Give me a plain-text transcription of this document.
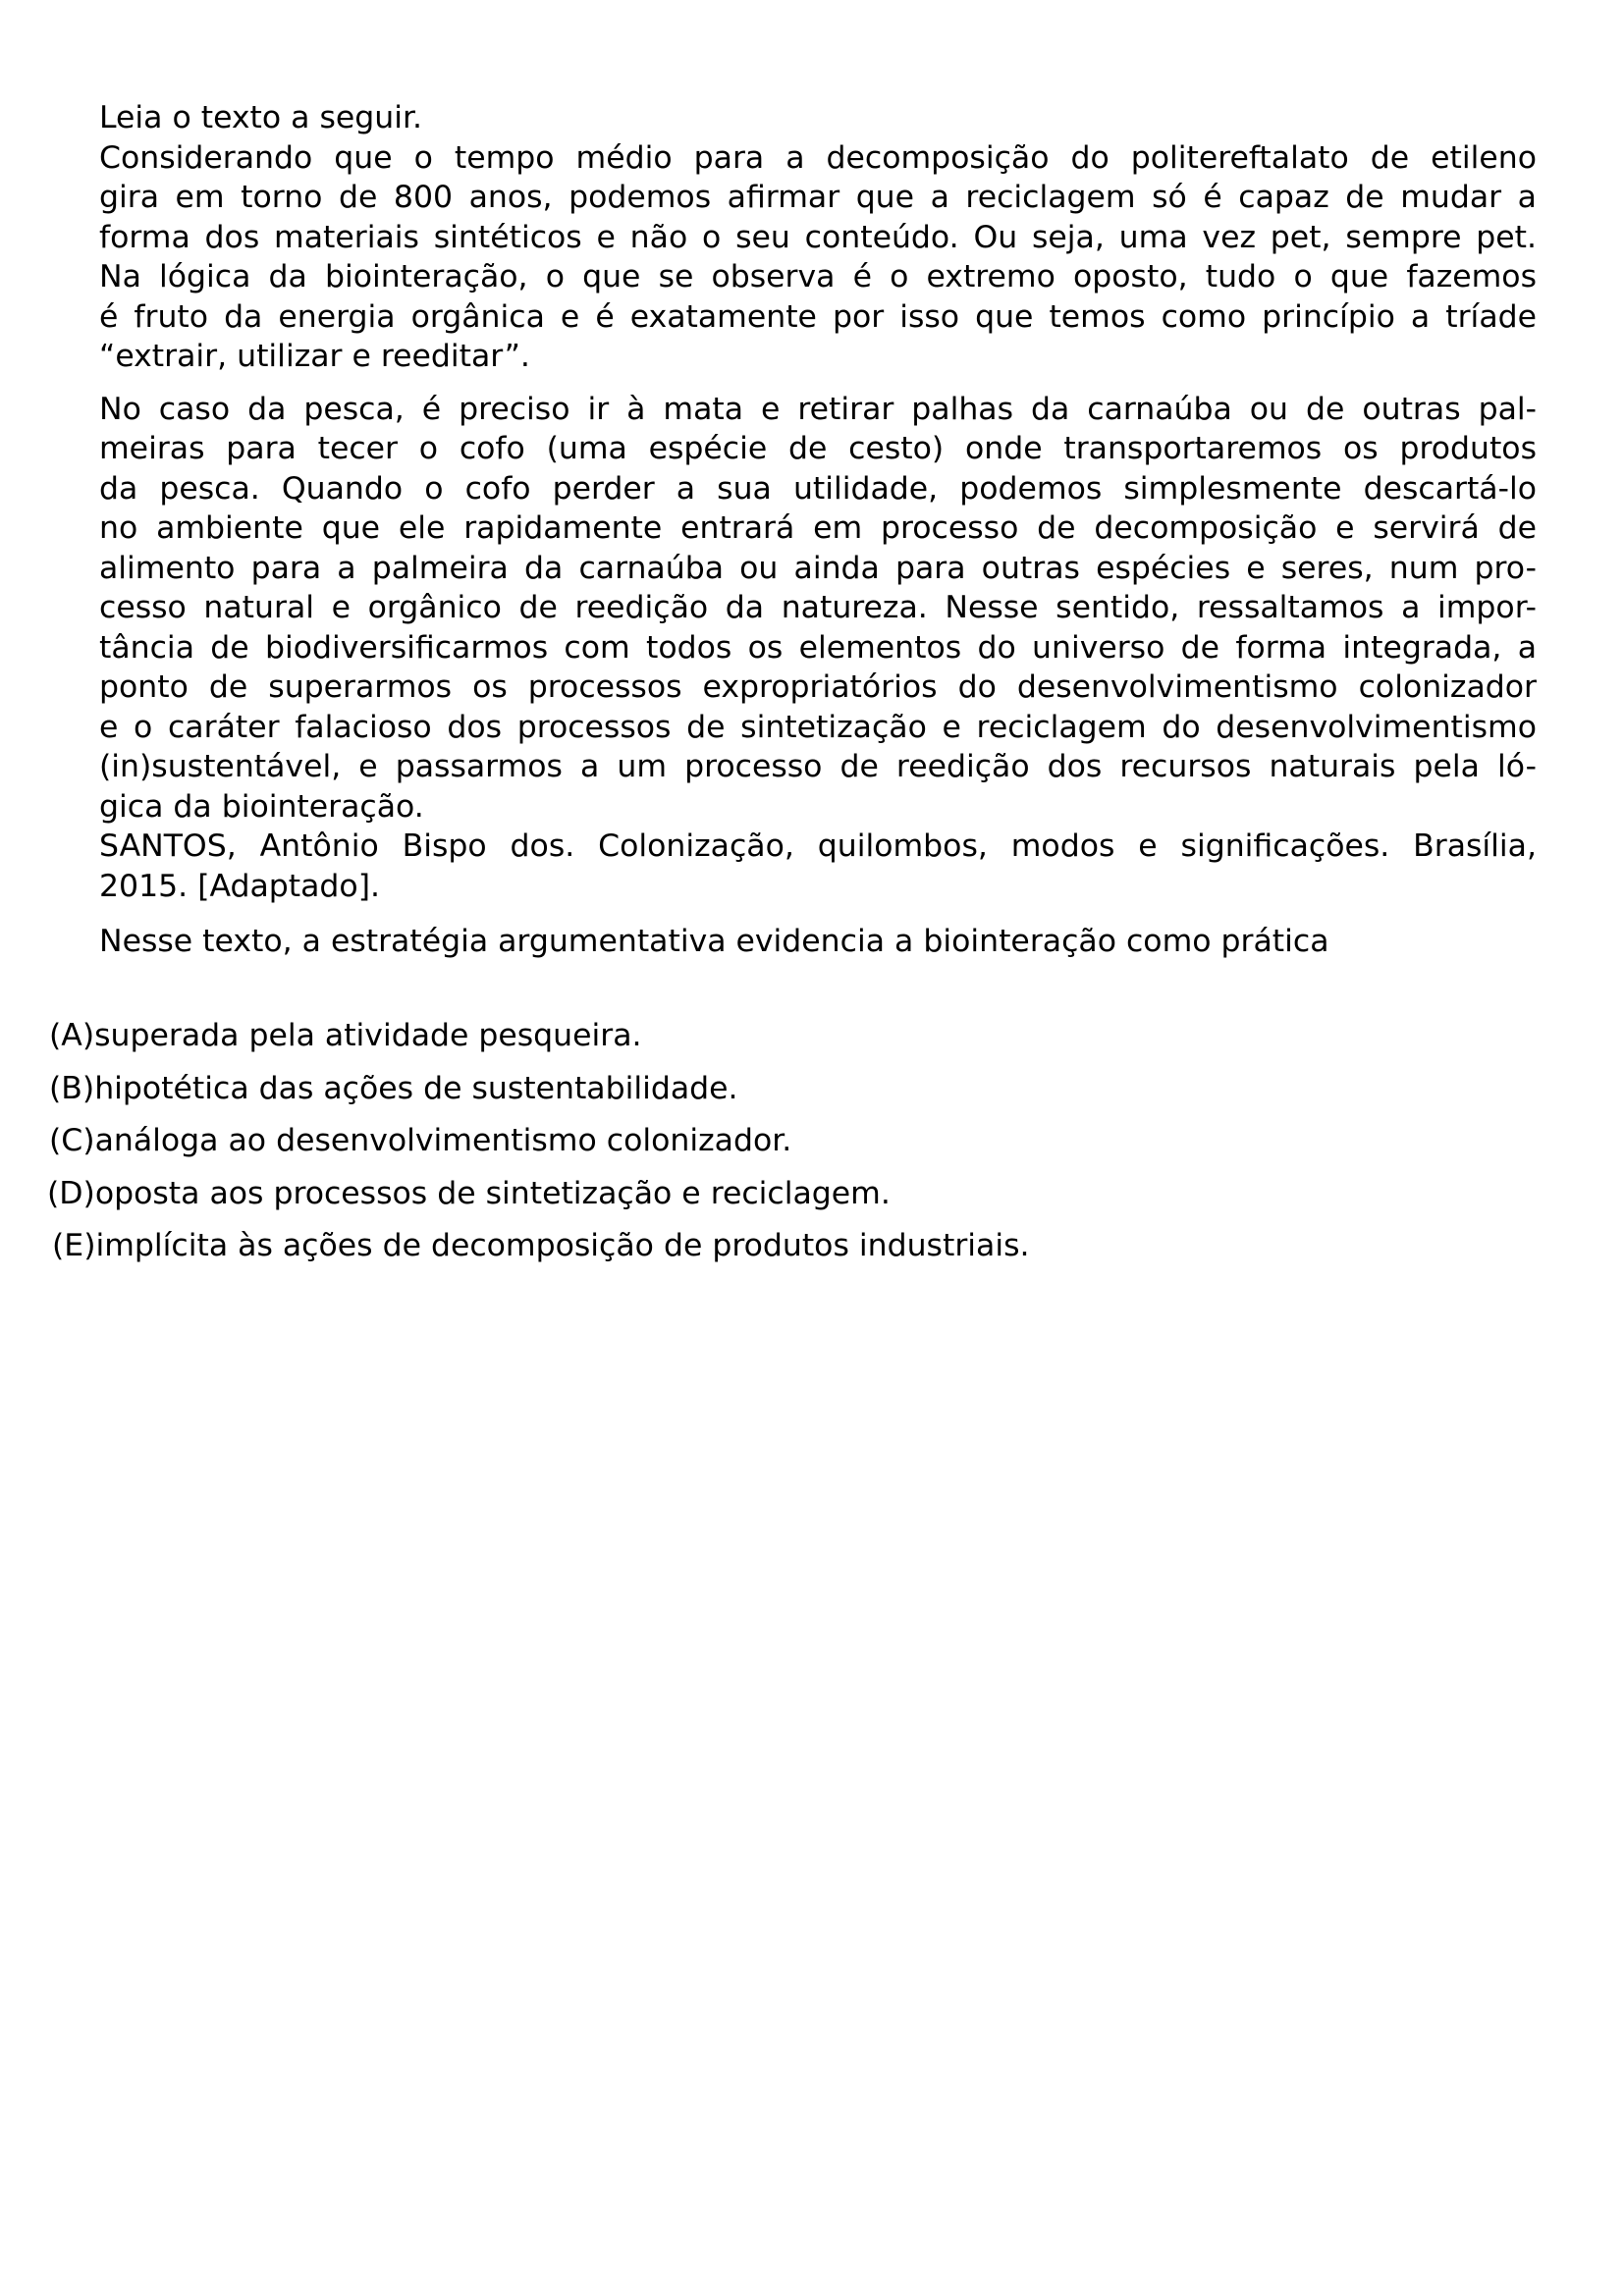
Leia o texto a seguir.
Considerando que o tempo médio para a decomposição do politereftalato de etileno
gira em torno de 800 anos, podemos afirmar que a reciclagem só é capaz de mudar a
forma dos materiais sintéticos e não o seu conteúdo. Ou seja, uma vez pet, sempre pet.
Na lógica da biointeração, o que se observa é o extremo oposto, tudo o que fazemos
é fruto da energia orgânica e é exatamente por isso que temos como princípio a tríade
“extrair, utilizar e reeditar”.
No caso da pesca, é preciso ir à mata e retirar palhas da carnaúba ou de outras pal-
meiras para tecer o cofo (uma espécie de cesto) onde transportaremos os produtos
da pesca. Quando o cofo perder a sua utilidade, podemos simplesmente descartá-lo
no ambiente que ele rapidamente entrará em processo de decomposição e servirá de
alimento para a palmeira da carnaúba ou ainda para outras espécies e seres, num pro-
cesso natural e orgânico de reedição da natureza. Nesse sentido, ressaltamos a impor-
tância de biodiversificarmos com todos os elementos do universo de forma integrada, a
ponto de superarmos os processos expropriatórios do desenvolvimentismo colonizador
e o caráter falacioso dos processos de sintetização e reciclagem do desenvolvimentismo
(in)sustentável, e passarmos a um processo de reedição dos recursos naturais pela ló-
gica da biointeração.
SANTOS, Antônio Bispo dos. Colonização, quilombos, modos e significações. Brasília,
2015. [Adaptado].
Nesse texto, a estratégia argumentativa evidencia a biointeração como prática
(A)superada pela atividade pesqueira.
(B)hipotética das ações de sustentabilidade.
(C)análoga ao desenvolvimentismo colonizador.
(D)oposta aos processos de sintetização e reciclagem.
(E)implícita às ações de decomposição de produtos industriais.
